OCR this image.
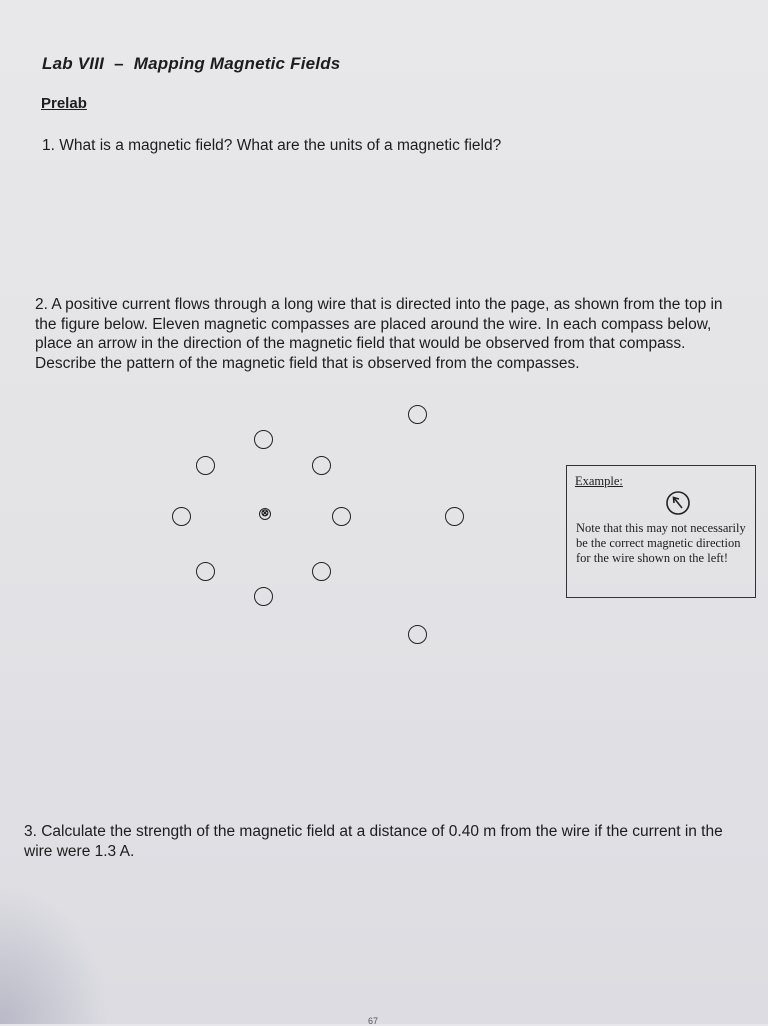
Lab VIII – Mapping Magnetic Fields
Prelab
1. What is a magnetic field? What are the units of a magnetic field?
2. A positive current flows through a long wire that is directed into the page, as shown from the top in the figure below. Eleven magnetic compasses are placed around the wire. In each compass below, place an arrow in the direction of the magnetic field that would be observed from that compass. Describe the pattern of the magnetic field that is observed from the compasses.
⊗
Example:
Note that this may not necessarily be the correct magnetic direction for the wire shown on the left!
3. Calculate the strength of the magnetic field at a distance of 0.40 m from the wire if the current in the wire were 1.3 A.
67
